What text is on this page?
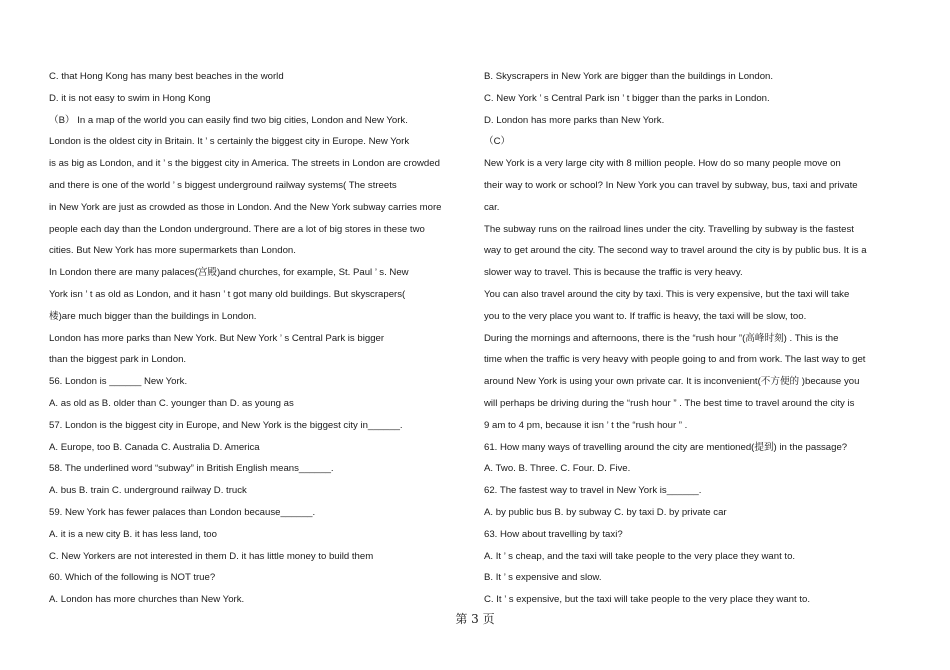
C. that Hong Kong has many best beaches in the world
D. it is not easy to swim in Hong Kong
（B） In a map of the world you can easily find two big cities, London and New York.
London is the oldest city in Britain. It ’ s certainly the biggest city in Europe. New York
is as big as London, and it ’ s the biggest city in America. The streets in London are crowded
and there is one of the world ’ s biggest underground railway systems( The streets
in New York are just as crowded as those in London. And the New York subway carries more
people each day than the London underground. There are a lot of big stores in these two
cities. But New York has more supermarkets than London.
In London there are many palaces(宫殿)and churches, for example, St. Paul ’ s. New
York isn ’ t as old as London, and it hasn ’ t got many old buildings. But skyscrapers(
楼)are much bigger than the buildings in London.
London has more parks than New York. But New York ’ s Central Park is bigger
than the biggest park in London.
56. London is ______ New York.
A. as old as B. older than C. younger than D. as young as
57. London is the biggest city in Europe, and New York is the biggest city in______.
A. Europe, too B. Canada C. Australia D. America
58. The underlined word “subway” in British English means______.
A. bus B. train C. underground railway D. truck
59. New York has fewer palaces than London because______.
A. it is a new city B. it has less land, too
C. New Yorkers are not interested in them D. it has little money to build them
60. Which of the following is NOT true?
A. London has more churches than New York.
B. Skyscrapers in New York are bigger than the buildings in London.
C. New York ’ s Central Park isn ’ t bigger than the parks in London.
D. London has more parks than New York.
（C）
New York is a very large city with 8 million people. How do so many people move on
their way to work or school? In New York you can travel by subway, bus, taxi and private
car.
The subway runs on the railroad lines under the city. Travelling by subway is the fastest
way to get around the city. The second way to travel around the city is by public bus. It is a
slower way to travel. This is because the traffic is very heavy.
You can also travel around the city by taxi. This is very expensive, but the taxi will take
you to the very place you want to. If traffic is heavy, the taxi will be slow, too.
During the mornings and afternoons, there is the “rush hour ”(高峰时刻) . This is the
time when the traffic is very heavy with people going to and from work. The last way to get
around New York is using your own private car. It is inconvenient(不方便的 )because you
will perhaps be driving during the “rush hour ” . The best time to travel around the city is
9 am to 4 pm, because it isn ’ t the “rush hour ” .
61. How many ways of travelling around the city are mentioned(提到) in the passage?
A. Two. B. Three. C. Four. D. Five.
62. The fastest way to travel in New York is______.
A. by public bus B. by subway C. by taxi D. by private car
63. How about travelling by taxi?
A. It ’ s cheap, and the taxi will take people to the very place they want to.
B. It ’ s expensive and slow.
C. It ’ s expensive, but the taxi will take people to the very place they want to.
第 3 页
